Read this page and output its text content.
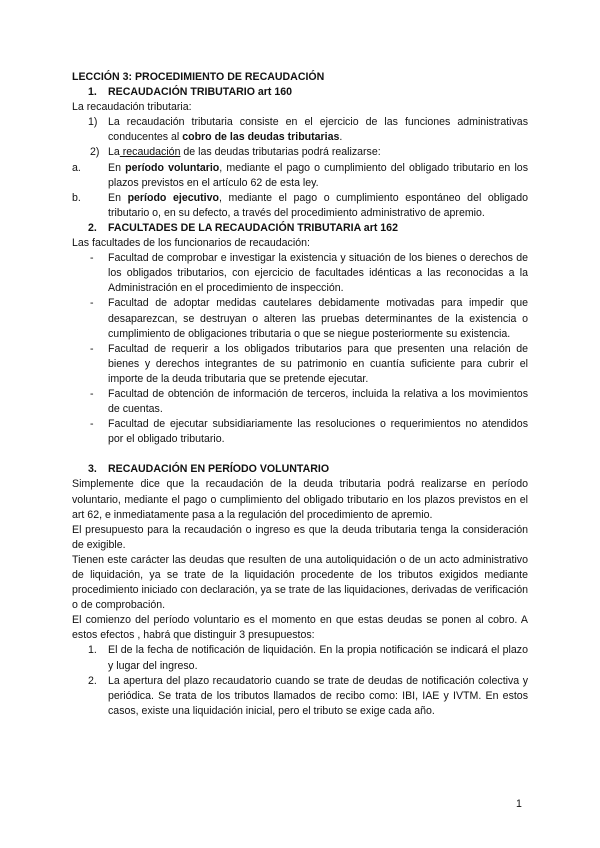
LECCIÓN 3: PROCEDIMIENTO DE RECAUDACIÓN

1.	RECAUDACIÓN TRIBUTARIO art 160

La recaudación tributaria:

1) La recaudación tributaria consiste en el ejercicio de las funciones administrativas conducentes al cobro de las deudas tributarias.
2) La recaudación de las deudas tributarias podrá realizarse:
a.	En período voluntario, mediante el pago o cumplimiento del obligado tributario en los plazos previstos en el artículo 62 de esta ley.
b.	En período ejecutivo, mediante el pago o cumplimiento espontáneo del obligado tributario o, en su defecto, a través del procedimiento administrativo de apremio.
2.	FACULTADES DE LA RECAUDACIÓN TRIBUTARIA art 162

Las facultades de los funcionarios de recaudación:

-	Facultad de comprobar e investigar la existencia y situación de los bienes o derechos de los obligados tributarios, con ejercicio de facultades idénticas a las reconocidas a la Administración en el procedimiento de inspección.
-	Facultad de adoptar medidas cautelares debidamente motivadas para impedir que desaparezcan, se destruyan o alteren las pruebas determinantes de la existencia o cumplimiento de obligaciones tributaria o que se niegue posteriormente su existencia.
-	Facultad de requerir a los obligados tributarios para que presenten una relación de bienes y derechos integrantes de su patrimonio en cuantía suficiente para cubrir el importe de la deuda tributaria que se pretende ejecutar.
-	Facultad de obtención de información de terceros, incluida la relativa a los movimientos de cuentas.
-	Facultad de ejecutar subsidiariamente las resoluciones o requerimientos no atendidos por el obligado tributario.
3.	RECAUDACIÓN EN PERÍODO VOLUNTARIO

Simplemente dice que la recaudación de la deuda tributaria podrá realizarse en período voluntario, mediante el pago o cumplimiento del obligado tributario en los plazos previstos en el art 62, e inmediatamente pasa a la regulación del procedimiento de apremio.

El presupuesto para la recaudación o ingreso es que la deuda tributaria tenga la consideración de exigible.

Tienen este carácter las deudas que resulten de una autoliquidación o de un acto administrativo de liquidación, ya se trate de la liquidación procedente de los tributos exigidos mediante procedimiento iniciado con declaración, ya se trate de las liquidaciones, derivadas de verificación o de comprobación.

El comienzo del período voluntario es el momento en que estas deudas se ponen al cobro. A estos efectos , habrá que distinguir 3 presupuestos:

1.	El de la fecha de notificación de liquidación. En la propia notificación se indicará el plazo y lugar del ingreso.
2.	La apertura del plazo recaudatorio cuando se trate de deudas de notificación colectiva y periódica. Se trata de los tributos llamados de recibo como: IBI, IAE y IVTM. En estos casos, existe una liquidación inicial, pero el tributo se exige cada año.
1
